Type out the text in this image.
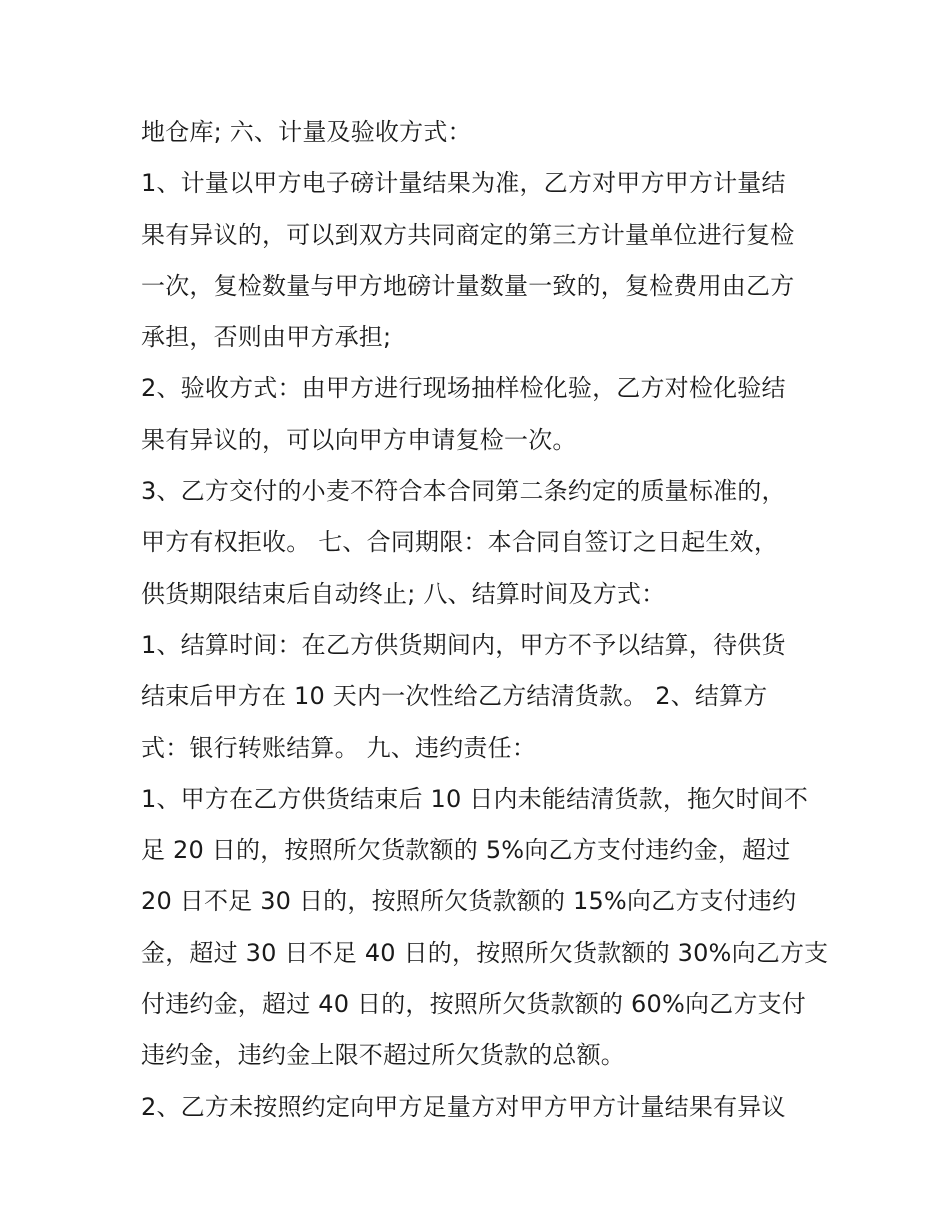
地仓库; 六、计量及验收方式：
1、计量以甲方电子磅计量结果为准，乙方对甲方甲方计量结
果有异议的，可以到双方共同商定的第三方计量单位进行复检
一次，复检数量与甲方地磅计量数量一致的，复检费用由乙方
承担，否则由甲方承担;
2、验收方式：由甲方进行现场抽样检化验，乙方对检化验结
果有异议的，可以向甲方申请复检一次。
3、乙方交付的小麦不符合本合同第二条约定的质量标准的，
甲方有权拒收。 七、合同期限：本合同自签订之日起生效，
供货期限结束后自动终止; 八、结算时间及方式：
1、结算时间：在乙方供货期间内，甲方不予以结算，待供货
结束后甲方在 10 天内一次性给乙方结清货款。 2、结算方
式：银行转账结算。 九、违约责任：
1、甲方在乙方供货结束后 10 日内未能结清货款，拖欠时间不
足 20 日的，按照所欠货款额的 5%向乙方支付违约金，超过
20 日不足 30 日的，按照所欠货款额的 15%向乙方支付违约
金，超过 30 日不足 40 日的，按照所欠货款额的 30%向乙方支
付违约金，超过 40 日的，按照所欠货款额的 60%向乙方支付
违约金，违约金上限不超过所欠货款的总额。
2、乙方未按照约定向甲方足量方对甲方甲方计量结果有异议
